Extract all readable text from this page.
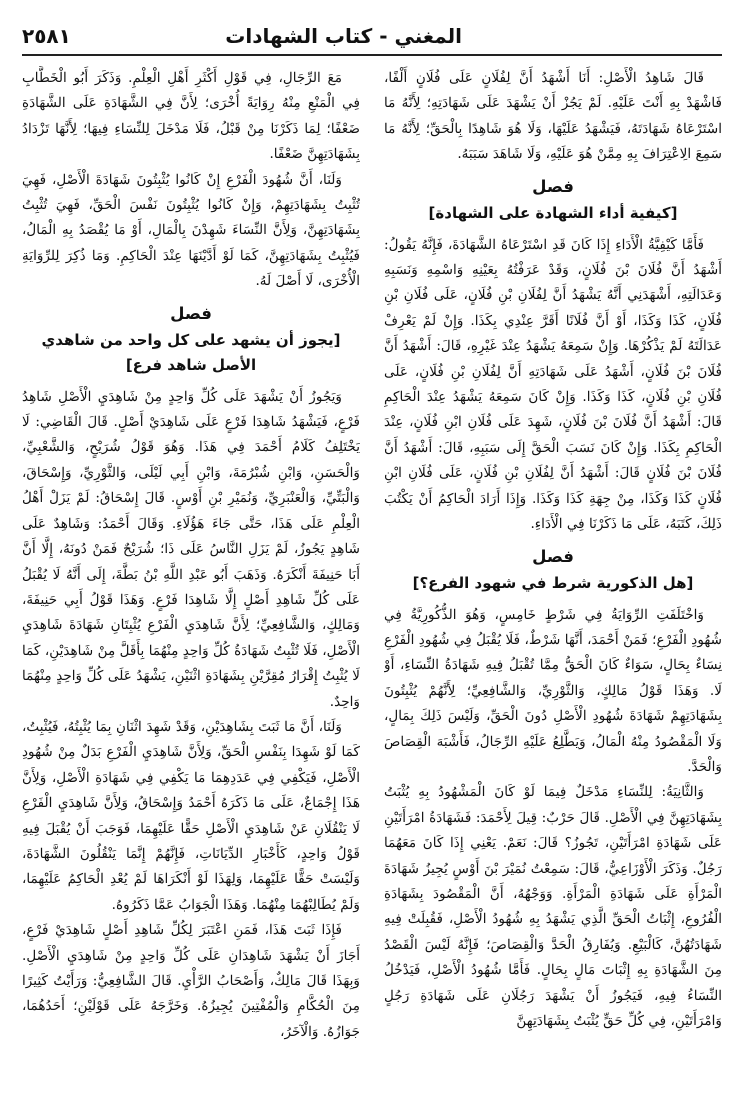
٢٥٨١	المغني - كتاب الشهادات

قَالَ شَاهِدُ الْأَصْلِ: أَنَا أَشْهَدُ أَنَّ لِفُلَانٍ عَلَى فُلَانٍ أَلْفًا، فَاشْهَدْ بِهِ أَنْتَ عَلَيْهِ. لَمْ يَجُزْ أَنْ يَشْهَدَ عَلَى شَهَادَتِهِ؛ لِأَنَّهُ مَا اسْتَرْعَاهُ شَهَادَتَهُ، فَيَشْهَدُ عَلَيْهَا، وَلَا هُوَ شَاهِدًا بِالْحَقِّ؛ لِأَنَّهُ مَا سَمِعَ الِاعْتِرَافَ بِهِ مِمَّنْ هُوَ عَلَيْهِ، وَلَا شَاهَدَ سَبَبَهُ.

فصل
[كيفية أداء الشهادة على الشهادة]

فَأَمَّا كَيْفِيَّةُ الْأَدَاءِ إِذَا كَانَ قَدِ اسْتَرْعَاهُ الشَّهَادَةَ، فَإِنَّهُ يَقُولُ: أَشْهَدُ أَنَّ فُلَانَ بْنَ فُلَانٍ، وَقَدْ عَرَفْتُهُ بِعَيْنِهِ وَاسْمِهِ وَنَسَبِهِ وَعَدَالَتِهِ، أَشْهَدَنِي أَنَّهُ يَشْهَدُ أَنَّ لِفُلَانِ بْنِ فُلَانٍ، عَلَى فُلَانِ بْنِ فُلَانٍ، كَذَا وَكَذَا، أَوْ أَنَّ فُلَانًا أَقَرَّ عِنْدِي بِكَذَا. وَإِنْ لَمْ يَعْرِفْ عَدَالَتَهُ لَمْ يَذْكُرْهَا. وَإِنْ سَمِعَهُ يَشْهَدُ عِنْدَ غَيْرِهِ، قَالَ: أَشْهَدُ أَنَّ فُلَانَ بْنَ فُلَانٍ، أَشْهَدُ عَلَى شَهَادَتِهِ أَنَّ لِفُلَانِ بْنِ فُلَانٍ، عَلَى فُلَانِ بْنِ فُلَانٍ، كَذَا وَكَذَا. وَإِنْ كَانَ سَمِعَهُ يَشْهَدُ عِنْدَ الْحَاكِمِ قَالَ: أَشْهَدُ أَنَّ فُلَانَ بْنَ فُلَانٍ، شَهِدَ عَلَى فُلَانِ ابْنِ فُلَانٍ، عِنْدَ الْحَاكِمِ بِكَذَا. وَإِنْ كَانَ نَسَبَ الْحَقَّ إِلَى سَبَبِهِ، قَالَ: أَشْهَدُ أَنَّ فُلَانَ بْنَ فُلَانٍ قَالَ: أَشْهَدُ أَنَّ لِفُلَانِ بْنِ فُلَانٍ، عَلَى فُلَانِ ابْنِ فُلَانٍ كَذَا وَكَذَا، مِنْ جِهَةِ كَذَا وَكَذَا. وَإِذَا أَرَادَ الْحَاكِمُ أَنْ يَكْتُبَ ذَلِكَ، كَتَبَهُ، عَلَى مَا ذَكَرْنَا فِي الْأَدَاءِ.

فصل
[هل الذكورية شرط في شهود الفرع؟]

وَاخْتَلَفَتِ الرِّوَايَةُ فِي شَرْطٍ خَامِسٍ، وَهُوَ الذُّكُورِيَّةُ فِي شُهُودِ الْفَرْعِ؛ فَمَنْ أَحْمَدَ، أَنَّهَا شَرْطٌ، فَلَا يُقْبَلُ فِي شُهُودِ الْفَرْعِ نِسَاءٌ بِحَالٍ، سَوَاءٌ كَانَ الْحَقُّ مِمَّا تُقْبَلُ فِيهِ شَهَادَةُ النِّسَاءِ، أَوْ لَا. وَهَذَا قَوْلُ مَالِكٍ، وَالثَّوْرِيِّ، وَالشَّافِعِيِّ؛ لِأَنَّهُمْ يُثْبِتُونَ بِشَهَادَتِهِمْ شَهَادَةَ شُهُودِ الْأَصْلِ دُونَ الْحَقِّ، وَلَيْسَ ذَلِكَ بِمَالٍ، وَلَا الْمَقْصُودُ مِنْهُ الْمَالُ، وَيَطَّلِعُ عَلَيْهِ الرِّجَالُ، فَأَشْبَهَ الْقِصَاصَ وَالْحَدَّ.

وَالثَّانِيَةُ: لِلنِّسَاءِ مَدْخَلٌ فِيمَا لَوْ كَانَ الْمَشْهُودُ بِهِ يُثْبَتُ بِشَهَادَتِهِنَّ فِي الْأَصْلِ. قَالَ حَرْبٌ: قِيلَ لِأَحْمَدَ: فَشَهَادَةُ امْرَأَتَيْنِ عَلَى شَهَادَةِ امْرَأَتَيْنِ، تَجُوزُ؟ قَالَ: نَعَمْ. يَعْنِي إِذَا كَانَ مَعَهُمَا رَجُلٌ. وَذَكَرَ الْأَوْزَاعِيُّ، قَالَ: سَمِعْتُ نُمَيْرَ بْنَ أَوْسٍ يُجِيزُ شَهَادَةَ الْمَرْأَةِ عَلَى شَهَادَةِ الْمَرْأَةِ. وَوَجْهُهُ، أَنَّ الْمَقْصُودَ بِشَهَادَةِ الْفُرُوعِ، إِثْبَاتُ الْحَقِّ الَّذِي يَشْهَدُ بِهِ شُهُودُ الْأَصْلِ، فَقُبِلَتْ فِيهِ شَهَادَتُهُنَّ، كَالْبَيْعِ. وَيُفَارِقُ الْحَدَّ وَالْقِصَاصَ؛ فَإِنَّهُ لَيْسَ الْقَصْدُ مِنَ الشَّهَادَةِ بِهِ إِثْبَاتَ مَالٍ بِحَالٍ. فَأَمَّا شُهُودُ الْأَصْلِ، فَيَدْخُلُ النِّسَاءُ فِيهِ، فَيَجُوزُ أَنْ يَشْهَدَ رَجُلَانِ عَلَى شَهَادَةِ رَجُلٍ وَامْرَأَتَيْنِ، فِي كُلِّ حَقٍّ يُثْبَتُ بِشَهَادَتِهِنَّ

مَعَ الرِّجَالِ، فِي قَوْلِ أَكْثَرِ أَهْلِ الْعِلْمِ. وَذَكَرَ أَبُو الْخَطَّابِ فِي الْمَنْعِ مِنْهُ رِوَايَةً أُخْرَى؛ لِأَنَّ فِي الشَّهَادَةِ عَلَى الشَّهَادَةِ ضَعْفًا؛ لِمَا ذَكَرْنَا مِنْ قَبْلُ، فَلَا مَدْخَلَ لِلنِّسَاءِ فِيهَا؛ لِأَنَّهَا تَزْدَادُ بِشَهَادَتِهِنَّ ضَعْفًا.

وَلَنَا، أَنَّ شُهُودَ الْفَرْعِ إِنْ كَانُوا يُثْبِتُونَ شَهَادَةَ الْأَصْلِ، فَهِيَ تُثْبِتُ بِشَهَادَتِهِمْ، وَإِنْ كَانُوا يُثْبِتُونَ نَفْسَ الْحَقِّ، فَهِيَ تُثْبِتُ بِشَهَادَتِهِنَّ، وَلِأَنَّ النِّسَاءَ شَهِدْنَ بِالْمَالِ، أَوْ مَا يُقْصَدُ بِهِ الْمَالُ، فَيُثْبِتُ بِشَهَادَتِهِنَّ، كَمَا لَوْ أَدَّيْنَهَا عِنْدَ الْحَاكِمِ. وَمَا ذُكِرَ لِلرِّوَايَةِ الْأُخْرَى، لَا أَصْلَ لَهُ.

فصل
[يجوز أن يشهد على كل واحد من شاهدي الأصل شاهد فرع]

وَيَجُوزُ أَنْ يَشْهَدَ عَلَى كُلِّ وَاحِدٍ مِنْ شَاهِدَيِ الْأَصْلِ شَاهِدُ فَرْعٍ، فَيَشْهَدُ شَاهِدَا فَرْعٍ عَلَى شَاهِدَيْ أَصْلٍ. قَالَ الْقَاضِي: لَا يَخْتَلِفُ كَلَامُ أَحْمَدَ فِي هَذَا. وَهُوَ قَوْلُ شُرَيْحٍ، وَالشَّعْبِيِّ، وَالْحَسَنِ، وَابْنِ شُبْرُمَةَ، وَابْنِ أَبِي لَيْلَى، وَالثَّوْرِيِّ، وَإِسْحَاقَ، وَالْبَتِّيِّ، وَالْعَنْبَرِيِّ، وَنُمَيْرِ بْنِ أَوْسٍ. قَالَ إِسْحَاقُ: لَمْ يَزَلْ أَهْلُ الْعِلْمِ عَلَى هَذَا، حَتَّى جَاءَ هَؤُلَاءِ. وَقَالَ أَحْمَدُ: وَشَاهِدٌ عَلَى شَاهِدٍ يَجُوزُ، لَمْ يَزَلِ النَّاسُ عَلَى ذَا؛ شُرَيْحٌ فَمَنْ دُونَهُ، إِلَّا أَنَّ أَبَا حَنِيفَةَ أَنْكَرَهُ. وَذَهَبَ أَبُو عَبْدِ اللَّهِ بْنُ بَطَّةَ، إِلَى أَنَّهُ لَا يُقْبَلُ عَلَى كُلِّ شَاهِدِ أَصْلٍ إِلَّا شَاهِدَا فَرْعٍ. وَهَذَا قَوْلُ أَبِي حَنِيفَةَ، وَمَالِكٍ، وَالشَّافِعِيِّ؛ لِأَنَّ شَاهِدَيِ الْفَرْعِ يُثْبِتَانِ شَهَادَةَ شَاهِدَيِ الْأَصْلِ، فَلَا تُثْبِتُ شَهَادَةُ كُلِّ وَاحِدٍ مِنْهُمَا بِأَقَلَّ مِنْ شَاهِدَيْنِ، كَمَا لَا يُثْبِتُ إِقْرَارُ مُقِرَّيْنِ بِشَهَادَةِ اثْنَيْنِ، يَشْهَدُ عَلَى كُلِّ وَاحِدٍ مِنْهُمَا وَاحِدٌ.

وَلَنَا، أَنَّ مَا ثَبَتَ بِشَاهِدَيْنِ، وَقَدْ شَهِدَ اثْنَانِ بِمَا يُثْبِتُهُ، فَيُثْبِتُ، كَمَا لَوْ شَهِدَا بِنَفْسِ الْحَقِّ، وَلِأَنَّ شَاهِدَيِ الْفَرْعِ بَدَلٌ مِنْ شُهُودِ الْأَصْلِ، فَيَكْفِي فِي عَدَدِهِمَا مَا يَكْفِي فِي شَهَادَةِ الْأَصْلِ، وَلِأَنَّ هَذَا إِجْمَاعٌ، عَلَى مَا ذَكَرَهُ أَحْمَدُ وَإِسْحَاقُ، وَلِأَنَّ شَاهِدَيِ الْفَرْعِ لَا يَنْقُلَانِ عَنْ شَاهِدَيِ الْأَصْلِ حَقًّا عَلَيْهِمَا، فَوَجَبَ أَنْ يُقْبَلَ فِيهِ قَوْلُ وَاحِدٍ، كَأَخْبَارِ الدِّيَانَاتِ، فَإِنَّهُمْ إِنَّمَا يَنْقُلُونَ الشَّهَادَةَ، وَلَيْسَتْ حَقًّا عَلَيْهِمَا، وَلِهَذَا لَوْ أَنْكَرَاهَا لَمْ يُعْدِ الْحَاكِمُ عَلَيْهِمَا، وَلَمْ يُطَالِبْهُمَا مِنْهُمَا. وَهَذَا الْجَوَابُ عَمَّا ذَكَرُوهُ.

فَإِذَا ثَبَتَ هَذَا، فَمَنِ اعْتَبَرَ لِكُلِّ شَاهِدِ أَصْلٍ شَاهِدَيْ فَرْعٍ، أَجَازَ أَنْ يَشْهَدَ شَاهِدَانِ عَلَى كُلِّ وَاحِدٍ مِنْ شَاهِدَيِ الْأَصْلِ. وَبِهَذَا قَالَ مَالِكٌ، وَأَصْحَابُ الرَّأْيِ. قَالَ الشَّافِعِيُّ: وَرَأَيْتُ كَثِيرًا مِنَ الْحُكَّامِ وَالْمُفْتِينَ يُجِيزُهُ. وَخَرَّجَهُ عَلَى قَوْلَيْنِ؛ أَحَدُهُمَا، جَوَازُهُ. وَالْآخَرُ،
